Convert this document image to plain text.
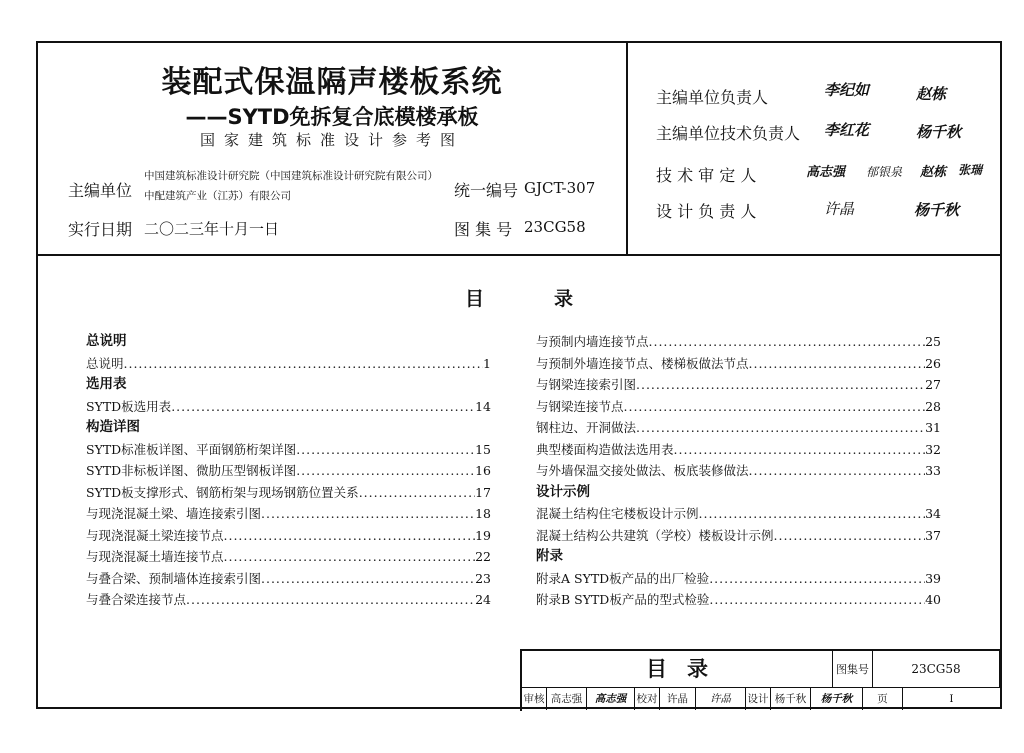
装配式保温隔声楼板系统
——SYTD免拆复合底模楼承板
国家建筑标准设计参考图
主编单位
中国建筑标准设计研究院（中国建筑标准设计研究院有限公司）
中配建筑产业（江苏）有限公司	统一编号 GJCT-307
实行日期 二〇二三年十月一日	图 集 号 23CG58
主编单位负责人	李纪如	赵栋
主编单位技术负责人 李红花	杨千秋
技 术 审 定 人	高志强 郁银泉 赵栋 张瑞
设 计 负 责 人	许晶	杨千秋
目	录
总说明
总说明 .....	1
选用表
SYTD板选用表 .....	14
构造详图
SYTD标准板详图、平面钢筋桁架详图 .....	15
SYTD非标板详图、微肋压型钢板详图 .....	16
SYTD板支撑形式、钢筋桁架与现场钢筋位置关系 .....	17
与现浇混凝土梁、墙连接索引图 .....	18
与现浇混凝土梁连接节点 .....	19
与现浇混凝土墙连接节点 .....	22
与叠合梁、预制墙体连接索引图 .....	23
与叠合梁连接节点 .....	24
与预制内墙连接节点 .....	25
与预制外墙连接节点、楼梯板做法节点 .....	26
与钢梁连接索引图 .....	27
与钢梁连接节点 .....	28
钢柱边、开洞做法 .....	31
典型楼面构造做法选用表 .....	32
与外墙保温交接处做法、板底装修做法 .....	33
设计示例
混凝土结构住宅楼板设计示例 .....	34
混凝土结构公共建筑（学校）楼板设计示例 .....	37
附录
附录A SYTD板产品的出厂检验 .....	39
附录B SYTD板产品的型式检验 .....	40
目 录	图集号	23CG58
审核 高志强	高志强 校对 许晶	许晶	设计 杨千秋	杨千秋	页	I
